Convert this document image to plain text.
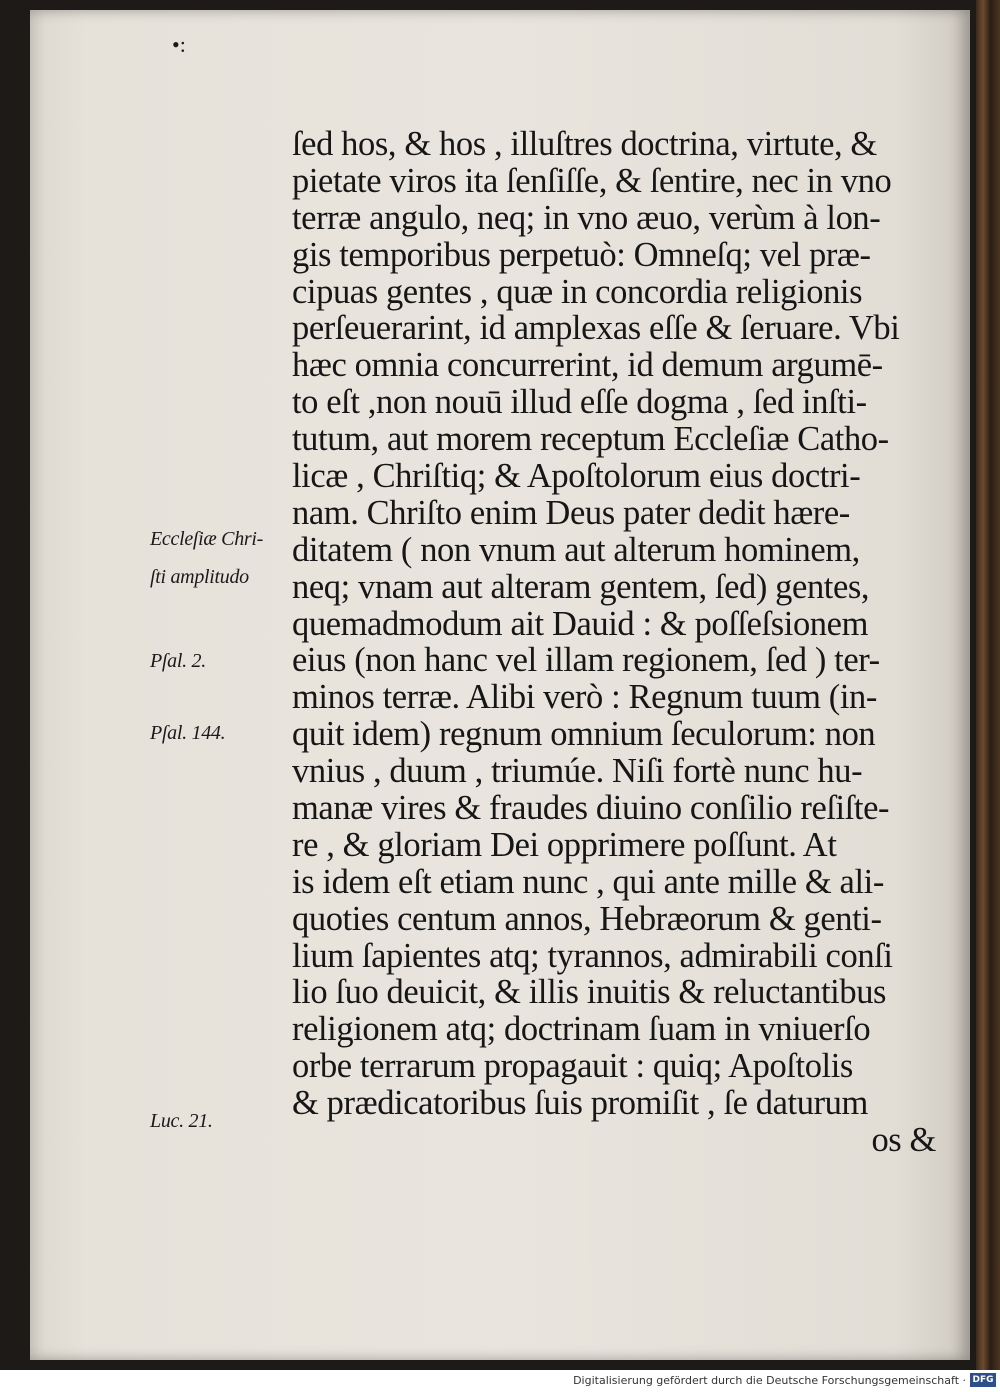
•:
ſed hos, & hos , illuſtres doctrina, virtute, &
pietate viros ita ſenſiſſe, & ſentire, nec in vno
terræ angulo, neq; in vno æuo, verùm à lon-
gis temporibus perpetuò: Omneſq; vel præ-
cipuas gentes , quæ in concordia religionis
perſeuerarint, id amplexas eſſe & ſeruare. Vbi
hæc omnia concurrerint, id demum argumē-
to eſt ,non nouū illud eſſe dogma , ſed inſti-
tutum, aut morem receptum Eccleſiæ Catho-
licæ , Chriſtiq; & Apoſtolorum eius doctri-
nam. Chriſto enim Deus pater dedit hære-
ditatem ( non vnum aut alterum hominem,
neq; vnam aut alteram gentem, ſed) gentes,
quemadmodum ait Dauid : & poſſeſsionem
eius (non hanc vel illam regionem, ſed ) ter-
minos terræ. Alibi verò : Regnum tuum (in-
quit idem) regnum omnium ſeculorum: non
vnius , duum , triumúe. Niſi fortè nunc hu-
manæ vires & fraudes diuino conſilio reſiſte-
re , & gloriam Dei opprimere poſſunt. At
is idem eſt etiam nunc , qui ante mille & ali-
quoties centum annos, Hebræorum & genti-
lium ſapientes atq; tyrannos, admirabili conſi
lio ſuo deuicit, & illis inuitis & reluctantibus
religionem atq; doctrinam ſuam in vniuerſo
orbe terrarum propagauit : quiq; Apoſtolis
& prædicatoribus ſuis promiſit , ſe daturum
os &
Eccleſiæ Chri-
ſti amplitudo
Pſal. 2.
Pſal. 144.
Luc. 21.
Digitalisierung gefördert durch die Deutsche Forschungsgemeinschaft · DFG
